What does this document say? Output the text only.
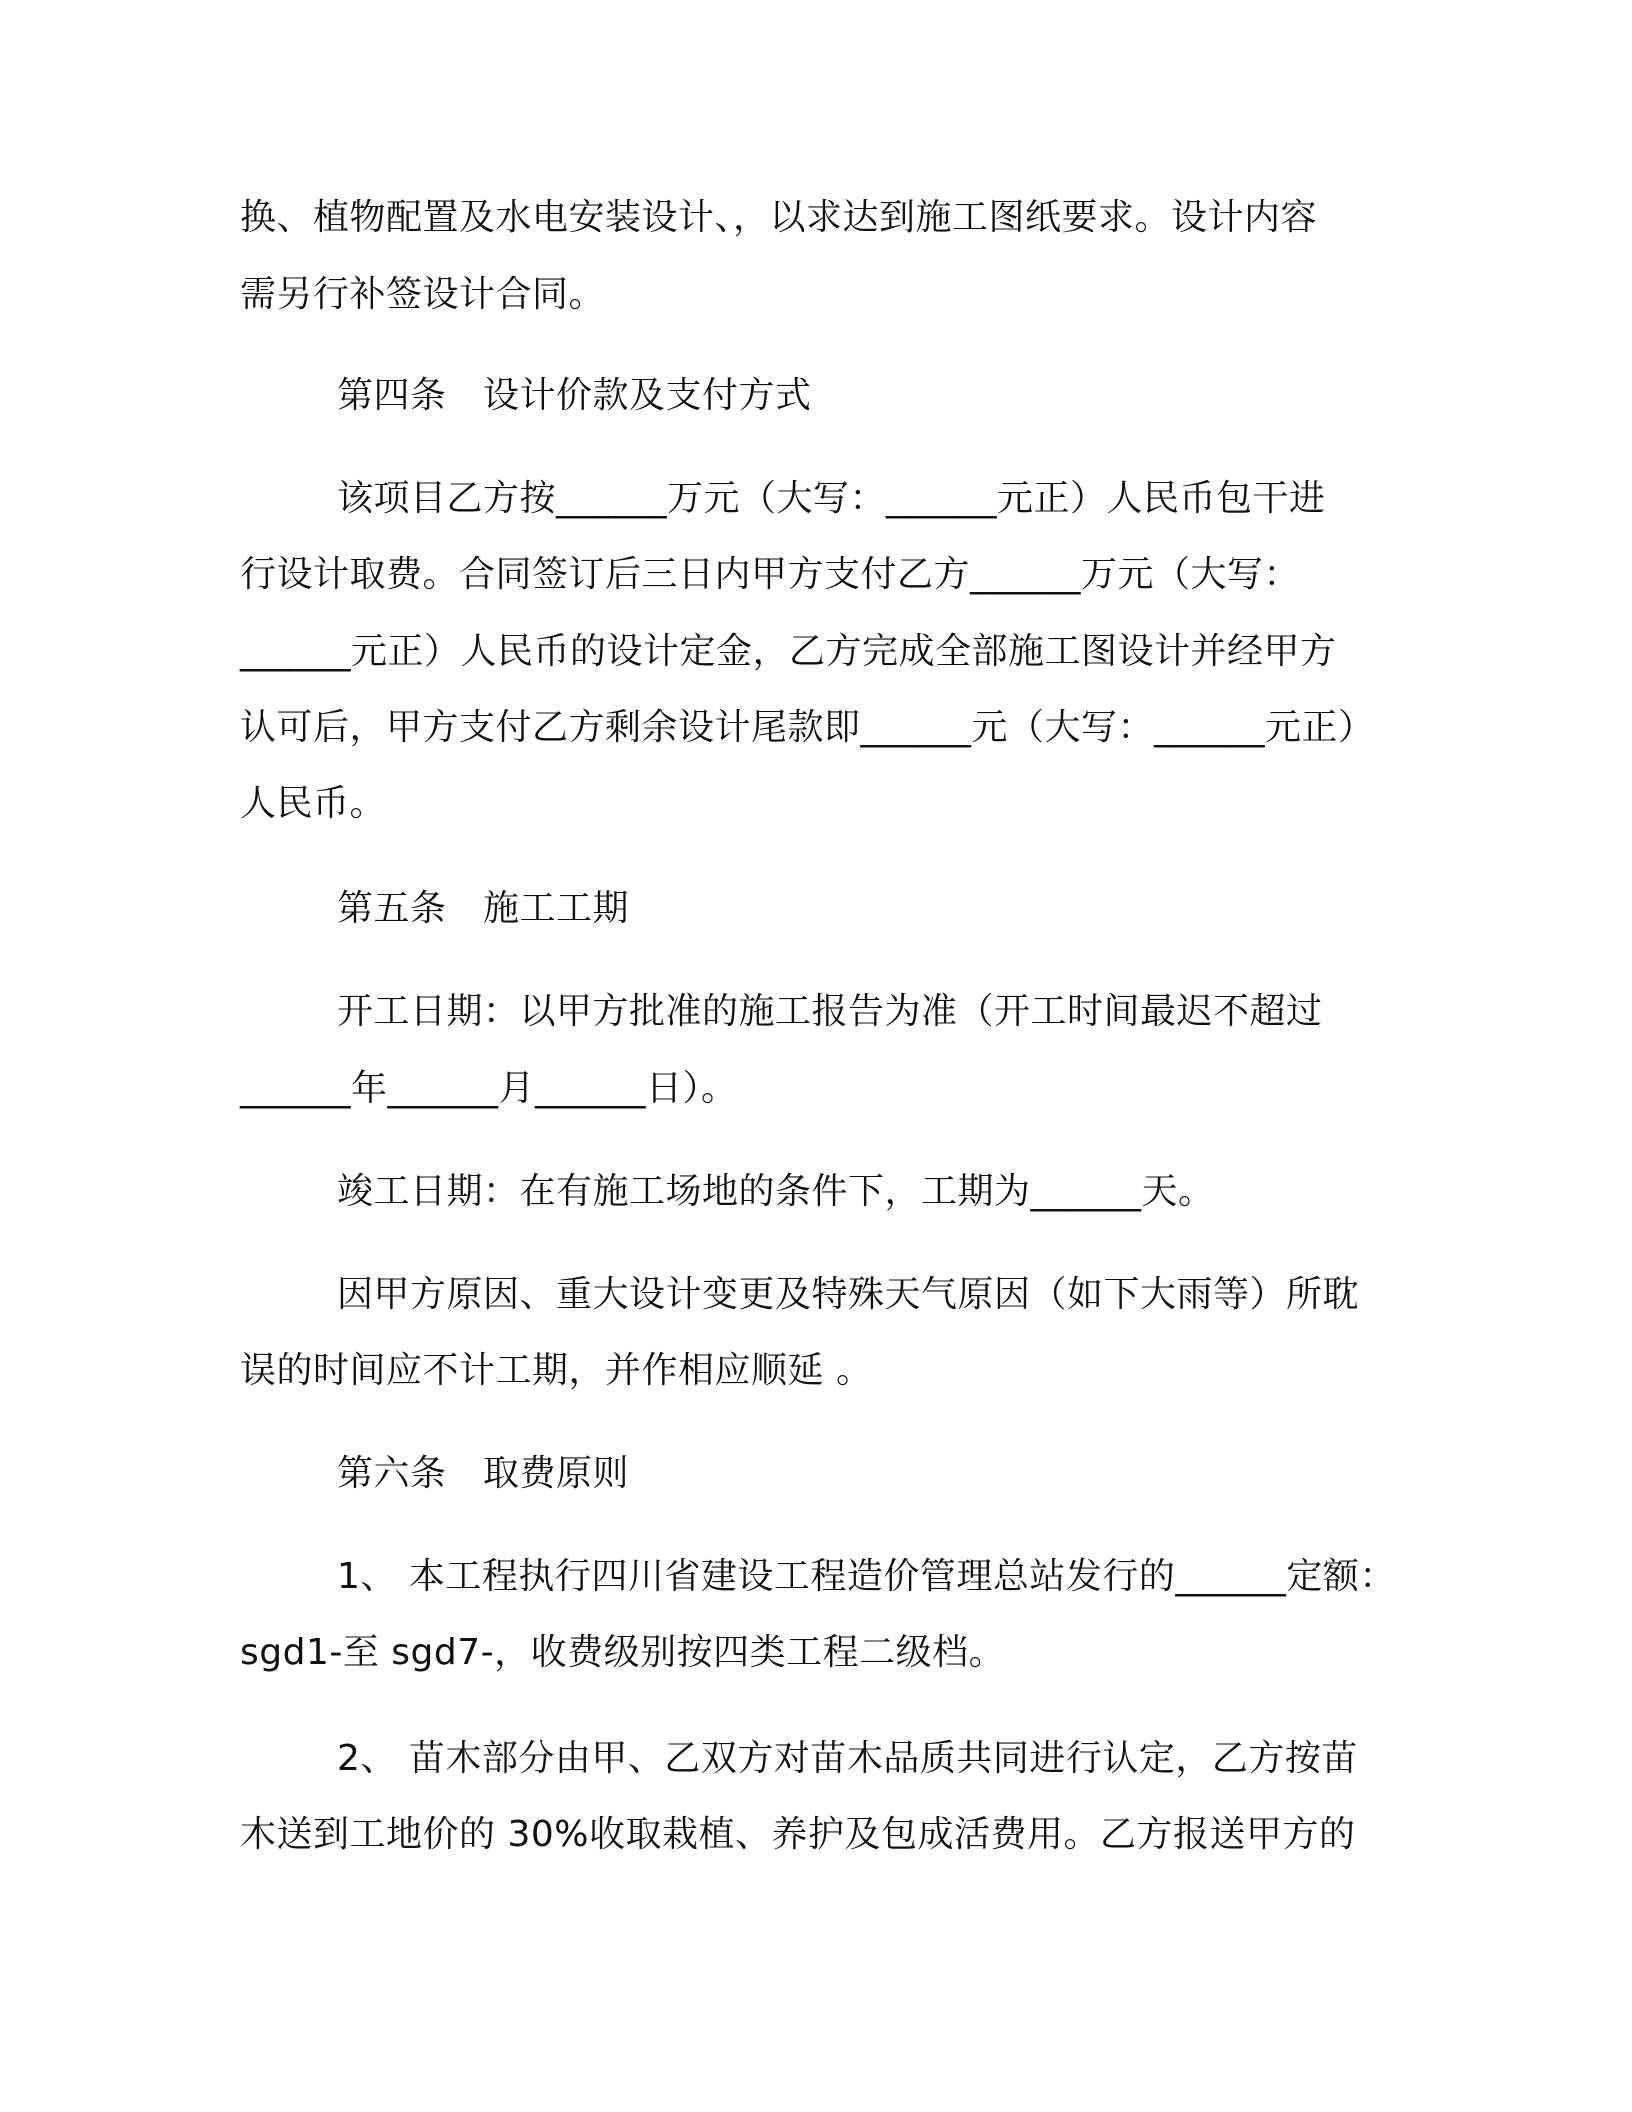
换、植物配置及水电安装设计、，以求达到施工图纸要求。设计内容
需另行补签设计合同。
第四条　设计价款及支付方式
该项目乙方按______万元（大写：______元正）人民币包干进
行设计取费。合同签订后三日内甲方支付乙方______万元（大写：
______元正）人民币的设计定金，乙方完成全部施工图设计并经甲方
认可后，甲方支付乙方剩余设计尾款即______元（大写：______元正）
人民币。
第五条　施工工期
开工日期：以甲方批准的施工报告为准（开工时间最迟不超过
______年______月______日）。
竣工日期：在有施工场地的条件下，工期为______天。
因甲方原因、重大设计变更及特殊天气原因（如下大雨等）所耽
误的时间应不计工期，并作相应顺延 。
第六条　取费原则
1、 本工程执行四川省建设工程造价管理总站发行的______定额：
sgd1-至 sgd7-，收费级别按四类工程二级档。
2、 苗木部分由甲、乙双方对苗木品质共同进行认定，乙方按苗
木送到工地价的 30%收取栽植、养护及包成活费用。乙方报送甲方的
